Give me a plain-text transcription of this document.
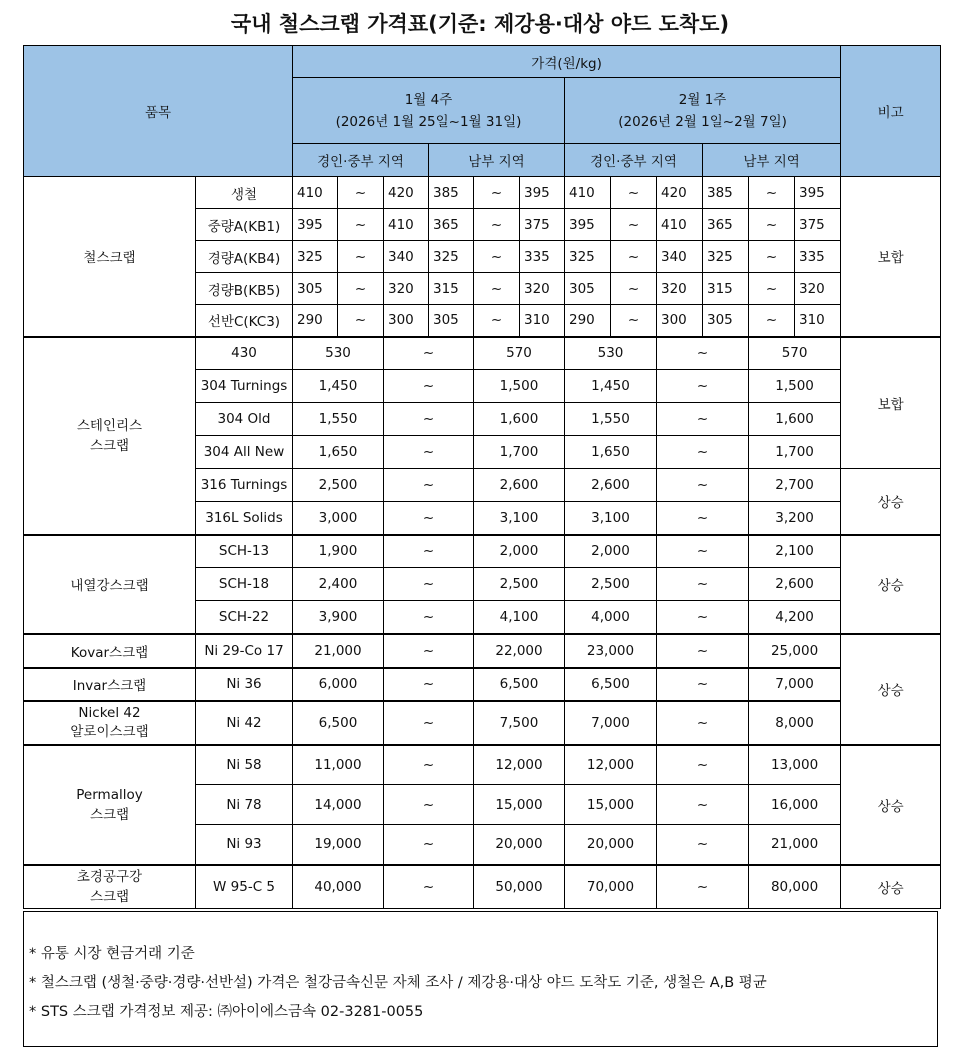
국내 철스크랩 가격표(기준: 제강용·대상 야드 도착도)
품목		가격(원/kg)												비고
		1월 4주
(2026년 1월 25일~1월 31일)						2월 1주
(2026년 2월 1일~2월 7일)						
		경인·중부 지역			남부 지역			경인·중부 지역			남부 지역			
철스크랩	생철	410	~	420	385	~	395	410	~	420	385	~	395	보합
	중량A(KB1)	395	~	410	365	~	375	395	~	410	365	~	375	
	경량A(KB4)	325	~	340	325	~	335	325	~	340	325	~	335	
	경량B(KB5)	305	~	320	315	~	320	305	~	320	315	~	320	
	선반C(KC3)	290	~	300	305	~	310	290	~	300	305	~	310	
스테인리스
스크랩	430	530		~		570		530		~		570		보합
	304 Turnings	1,450		~		1,500		1,450		~		1,500		
	304 Old	1,550		~		1,600		1,550		~		1,600		
	304 All New	1,650		~		1,700		1,650		~		1,700		
	316 Turnings	2,500		~		2,600		2,600		~		2,700		상승
	316L Solids	3,000		~		3,100		3,100		~		3,200		
내열강스크랩	SCH-13	1,900		~		2,000		2,000		~		2,100		상승
	SCH-18	2,400		~		2,500		2,500		~		2,600		
	SCH-22	3,900		~		4,100		4,000		~		4,200		
Kovar스크랩	Ni 29-Co 17	21,000		~		22,000		23,000		~		25,000		상승
Invar스크랩	Ni 36	6,000		~		6,500		6,500		~		7,000		
Nickel 42
알로이스크랩	Ni 42	6,500		~		7,500		7,000		~		8,000		
Permalloy
스크랩	Ni 58	11,000		~		12,000		12,000		~		13,000		상승
	Ni 78	14,000		~		15,000		15,000		~		16,000		
	Ni 93	19,000		~		20,000		20,000		~		21,000		
초경공구강
스크랩	W 95-C 5	40,000		~		50,000		70,000		~		80,000		상승
* 유통 시장 현금거래 기준
* 철스크랩 (생철·중량·경량·선반설) 가격은 철강금속신문 자체 조사 / 제강용·대상 야드 도착도 기준, 생철은 A,B 평균
* STS 스크랩 가격정보 제공: ㈜아이에스금속 02-3281-0055
